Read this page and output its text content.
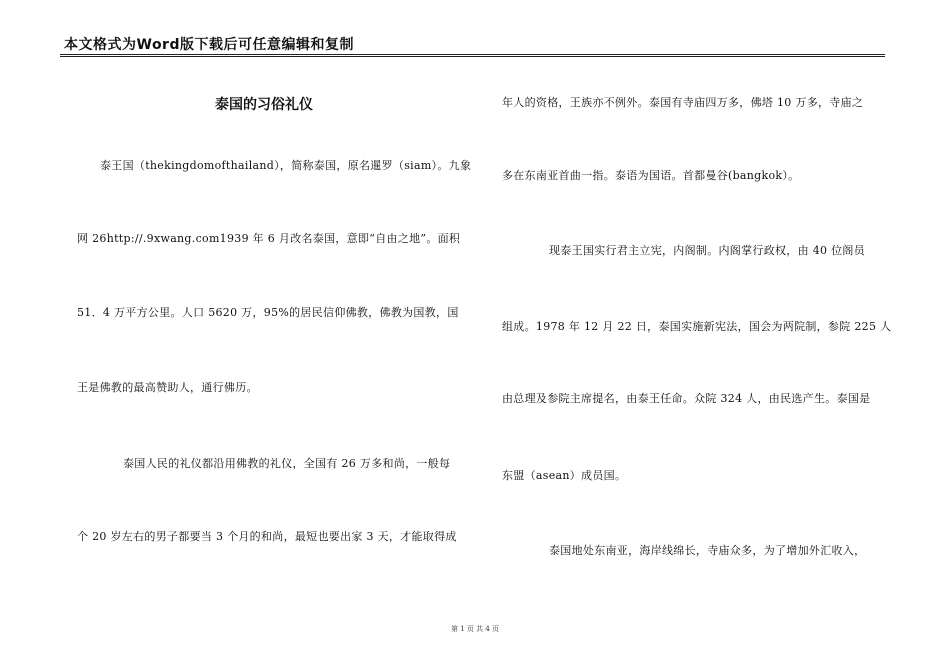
本文格式为Word版下载后可任意编辑和复制
泰国的习俗礼仪
泰王国（thekingdomofthailand），简称泰国，原名暹罗（siam）。九象
网 26http://.9xwang.com1939 年 6 月改名泰国，意即“自由之地”。面积
51．4 万平方公里。人口 5620 万，95%的居民信仰佛教，佛教为国教，国
王是佛教的最高赞助人，通行佛历。
泰国人民的礼仪都沿用佛教的礼仪，全国有 26 万多和尚，一般每
个 20 岁左右的男子都要当 3 个月的和尚，最短也要出家 3 天，才能取得成
年人的资格，王族亦不例外。泰国有寺庙四万多，佛塔 10 万多，寺庙之
多在东南亚首曲一指。泰语为国语。首都曼谷(bangkok）。
现泰王国实行君主立宪，内阁制。内阁掌行政权，由 40 位阁员
组成。1978 年 12 月 22 日，泰国实施新宪法，国会为两院制，参院 225 人
由总理及参院主席提名，由泰王任命。众院 324 人，由民选产生。泰国是
东盟（asean）成员国。
泰国地处东南亚，海岸线绵长，寺庙众多，为了增加外汇收入，
第 1 页 共 4 页
